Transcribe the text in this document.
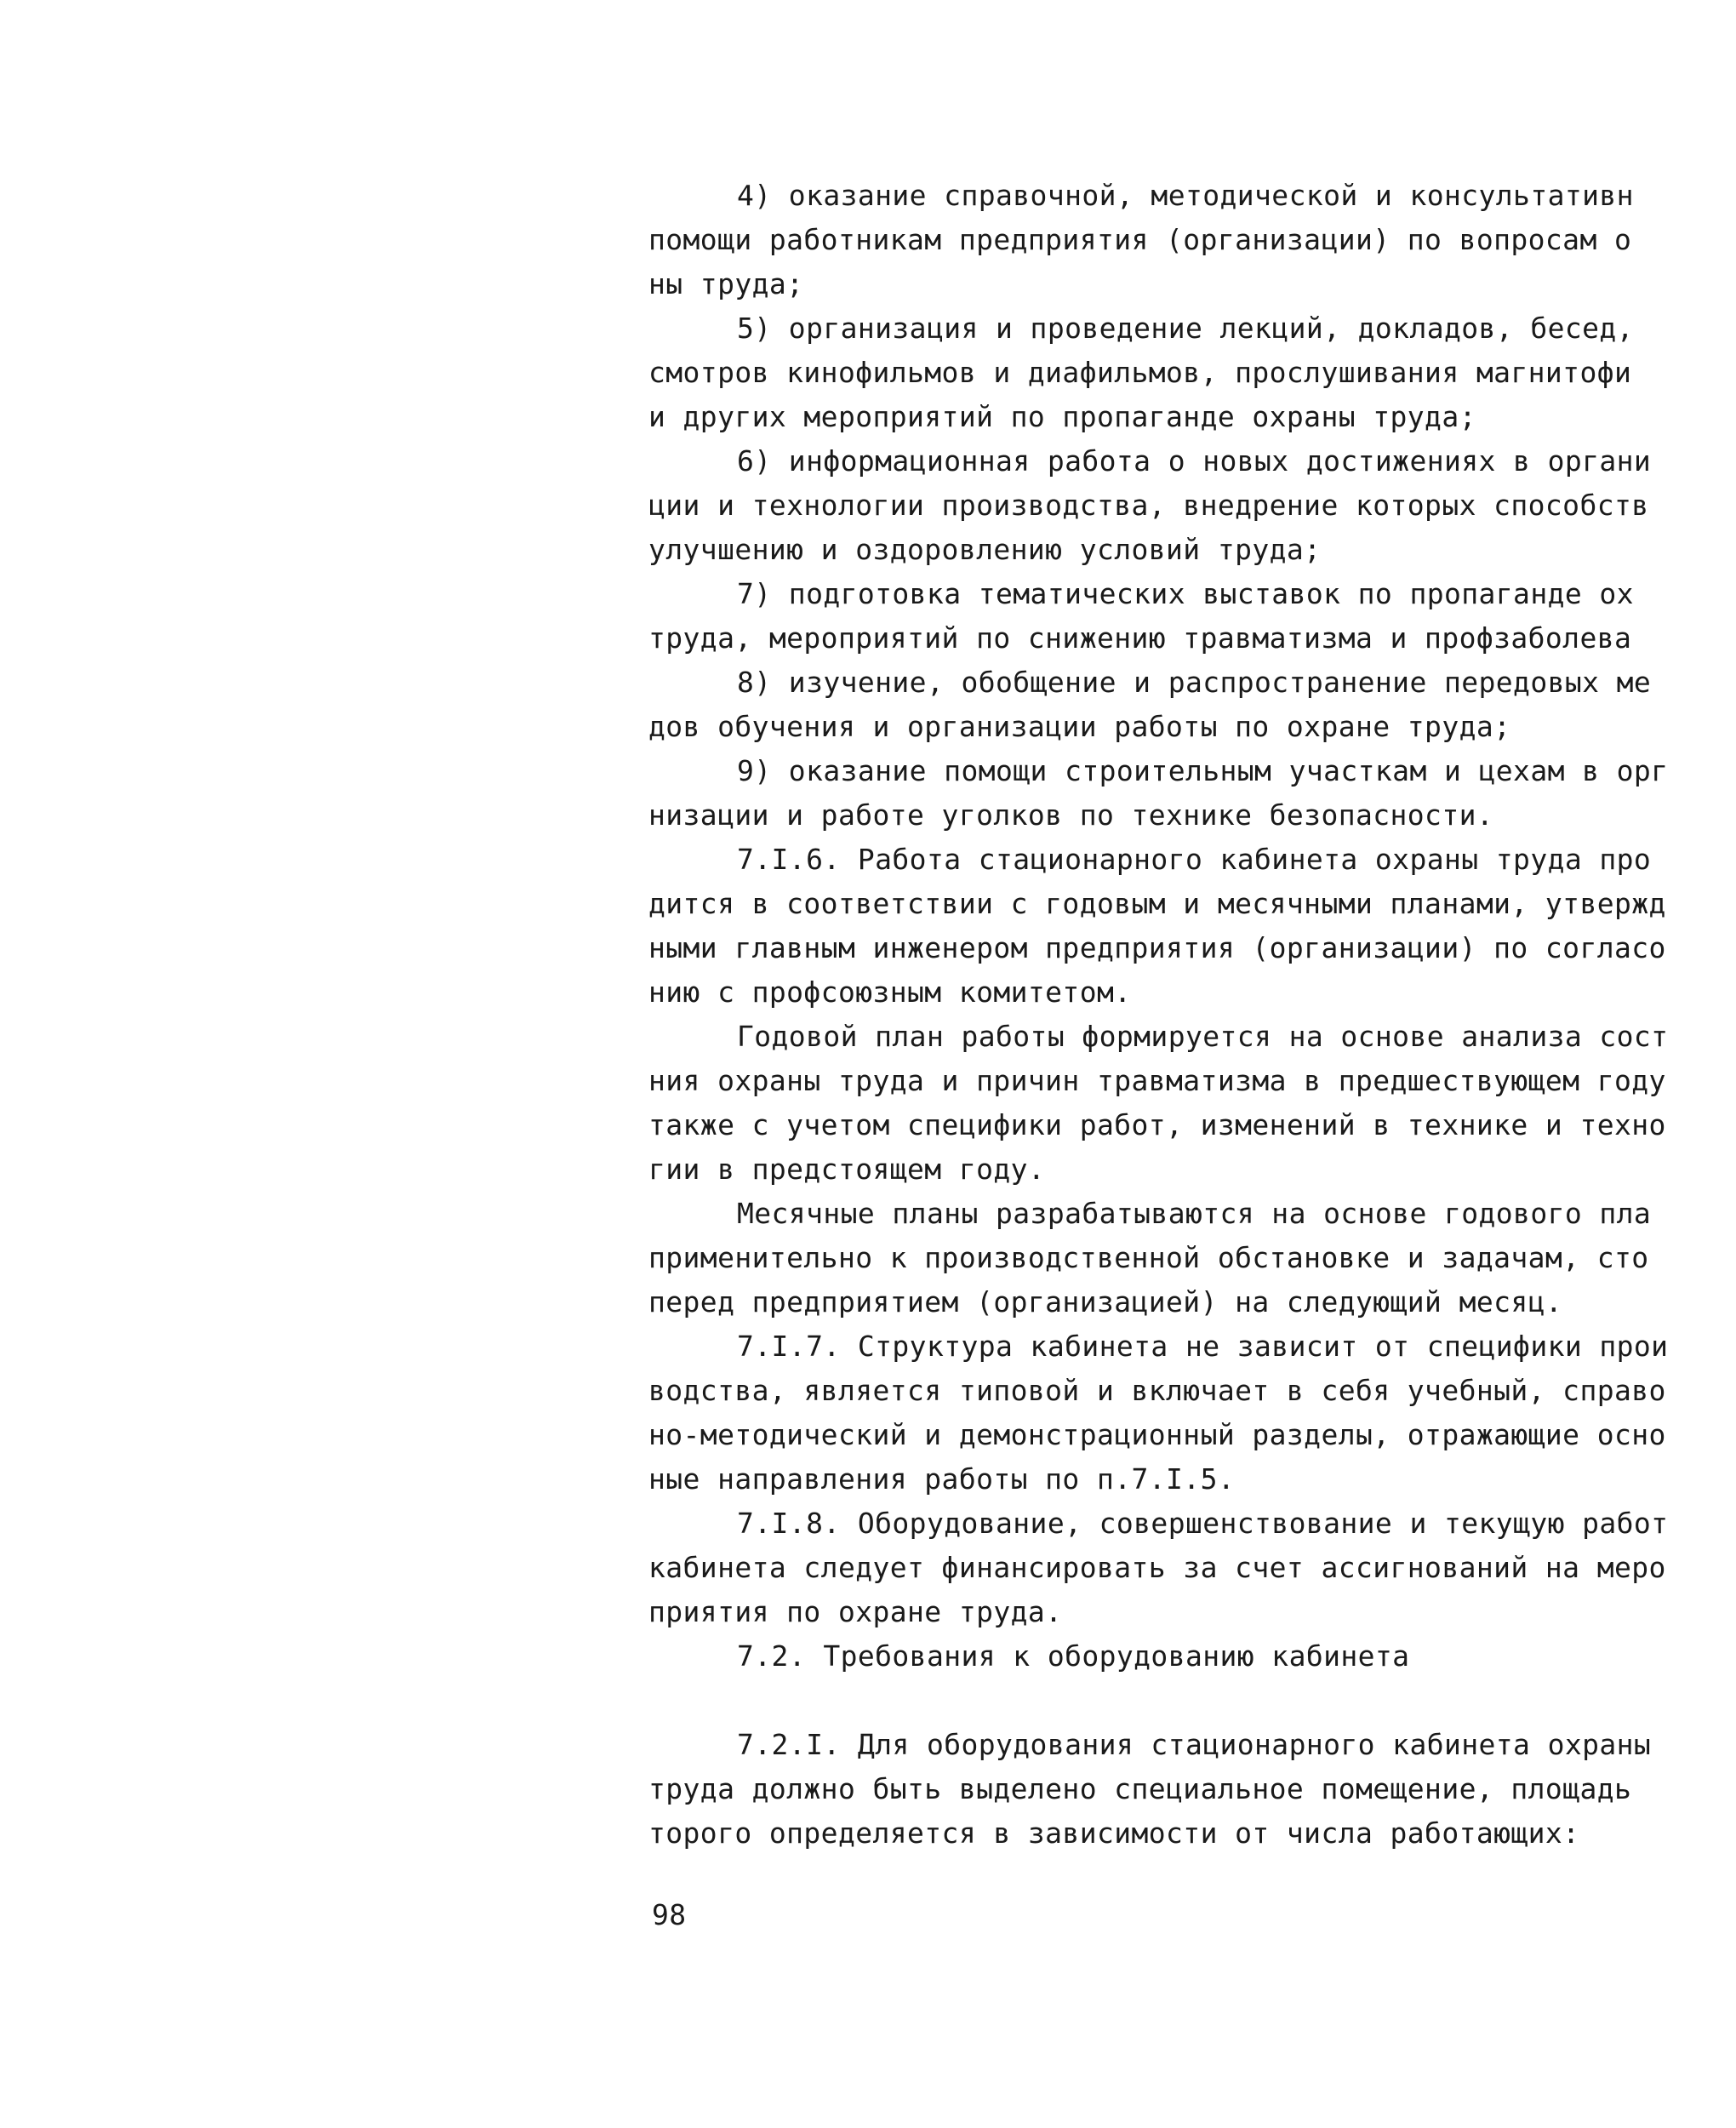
4) оказание справочной, методической и консультативн
помощи работникам предприятия (организации) по вопросам о
ны труда;
5) организация и проведение лекций, докладов, бесед,
смотров кинофильмов и диафильмов, прослушивания магнитофи
и других мероприятий по пропаганде охраны труда;
6) информационная работа о новых достижениях в органи
ции и технологии производства, внедрение которых способств
улучшению и оздоровлению условий труда;
7) подготовка тематических выставок по пропаганде ох
труда, мероприятий по снижению травматизма и профзаболева
8) изучение, обобщение и распространение передовых ме
дов обучения и организации работы по охране труда;
9) оказание помощи строительным участкам и цехам в орг
низации и работе уголков по технике безопасности.
7.I.6. Работа стационарного кабинета охраны труда про
дится в соответствии с годовым и месячными планами, утвержд
ными главным инженером предприятия (организации) по согласо
нию с профсоюзным комитетом.
Годовой план работы формируется на основе анализа сост
ния охраны труда и причин травматизма в предшествующем году
также с учетом специфики работ, изменений в технике и техно
гии в предстоящем году.
Месячные планы разрабатываются на основе годового пла
применительно к производственной обстановке и задачам, сто
перед предприятием (организацией) на следующий месяц.
7.I.7. Структура кабинета не зависит от специфики прои
водства, является типовой и включает в себя учебный, справо
но-методический и демонстрационный разделы, отражающие осно
ные направления работы по п.7.I.5.
7.I.8. Оборудование, совершенствование и текущую работ
кабинета следует финансировать за счет ассигнований на меро
приятия по охране труда.
7.2. Требования к оборудованию кабинета
7.2.I. Для оборудования стационарного кабинета охраны
труда должно быть выделено специальное помещение, площадь
торого определяется в зависимости от числа работающих:
98
